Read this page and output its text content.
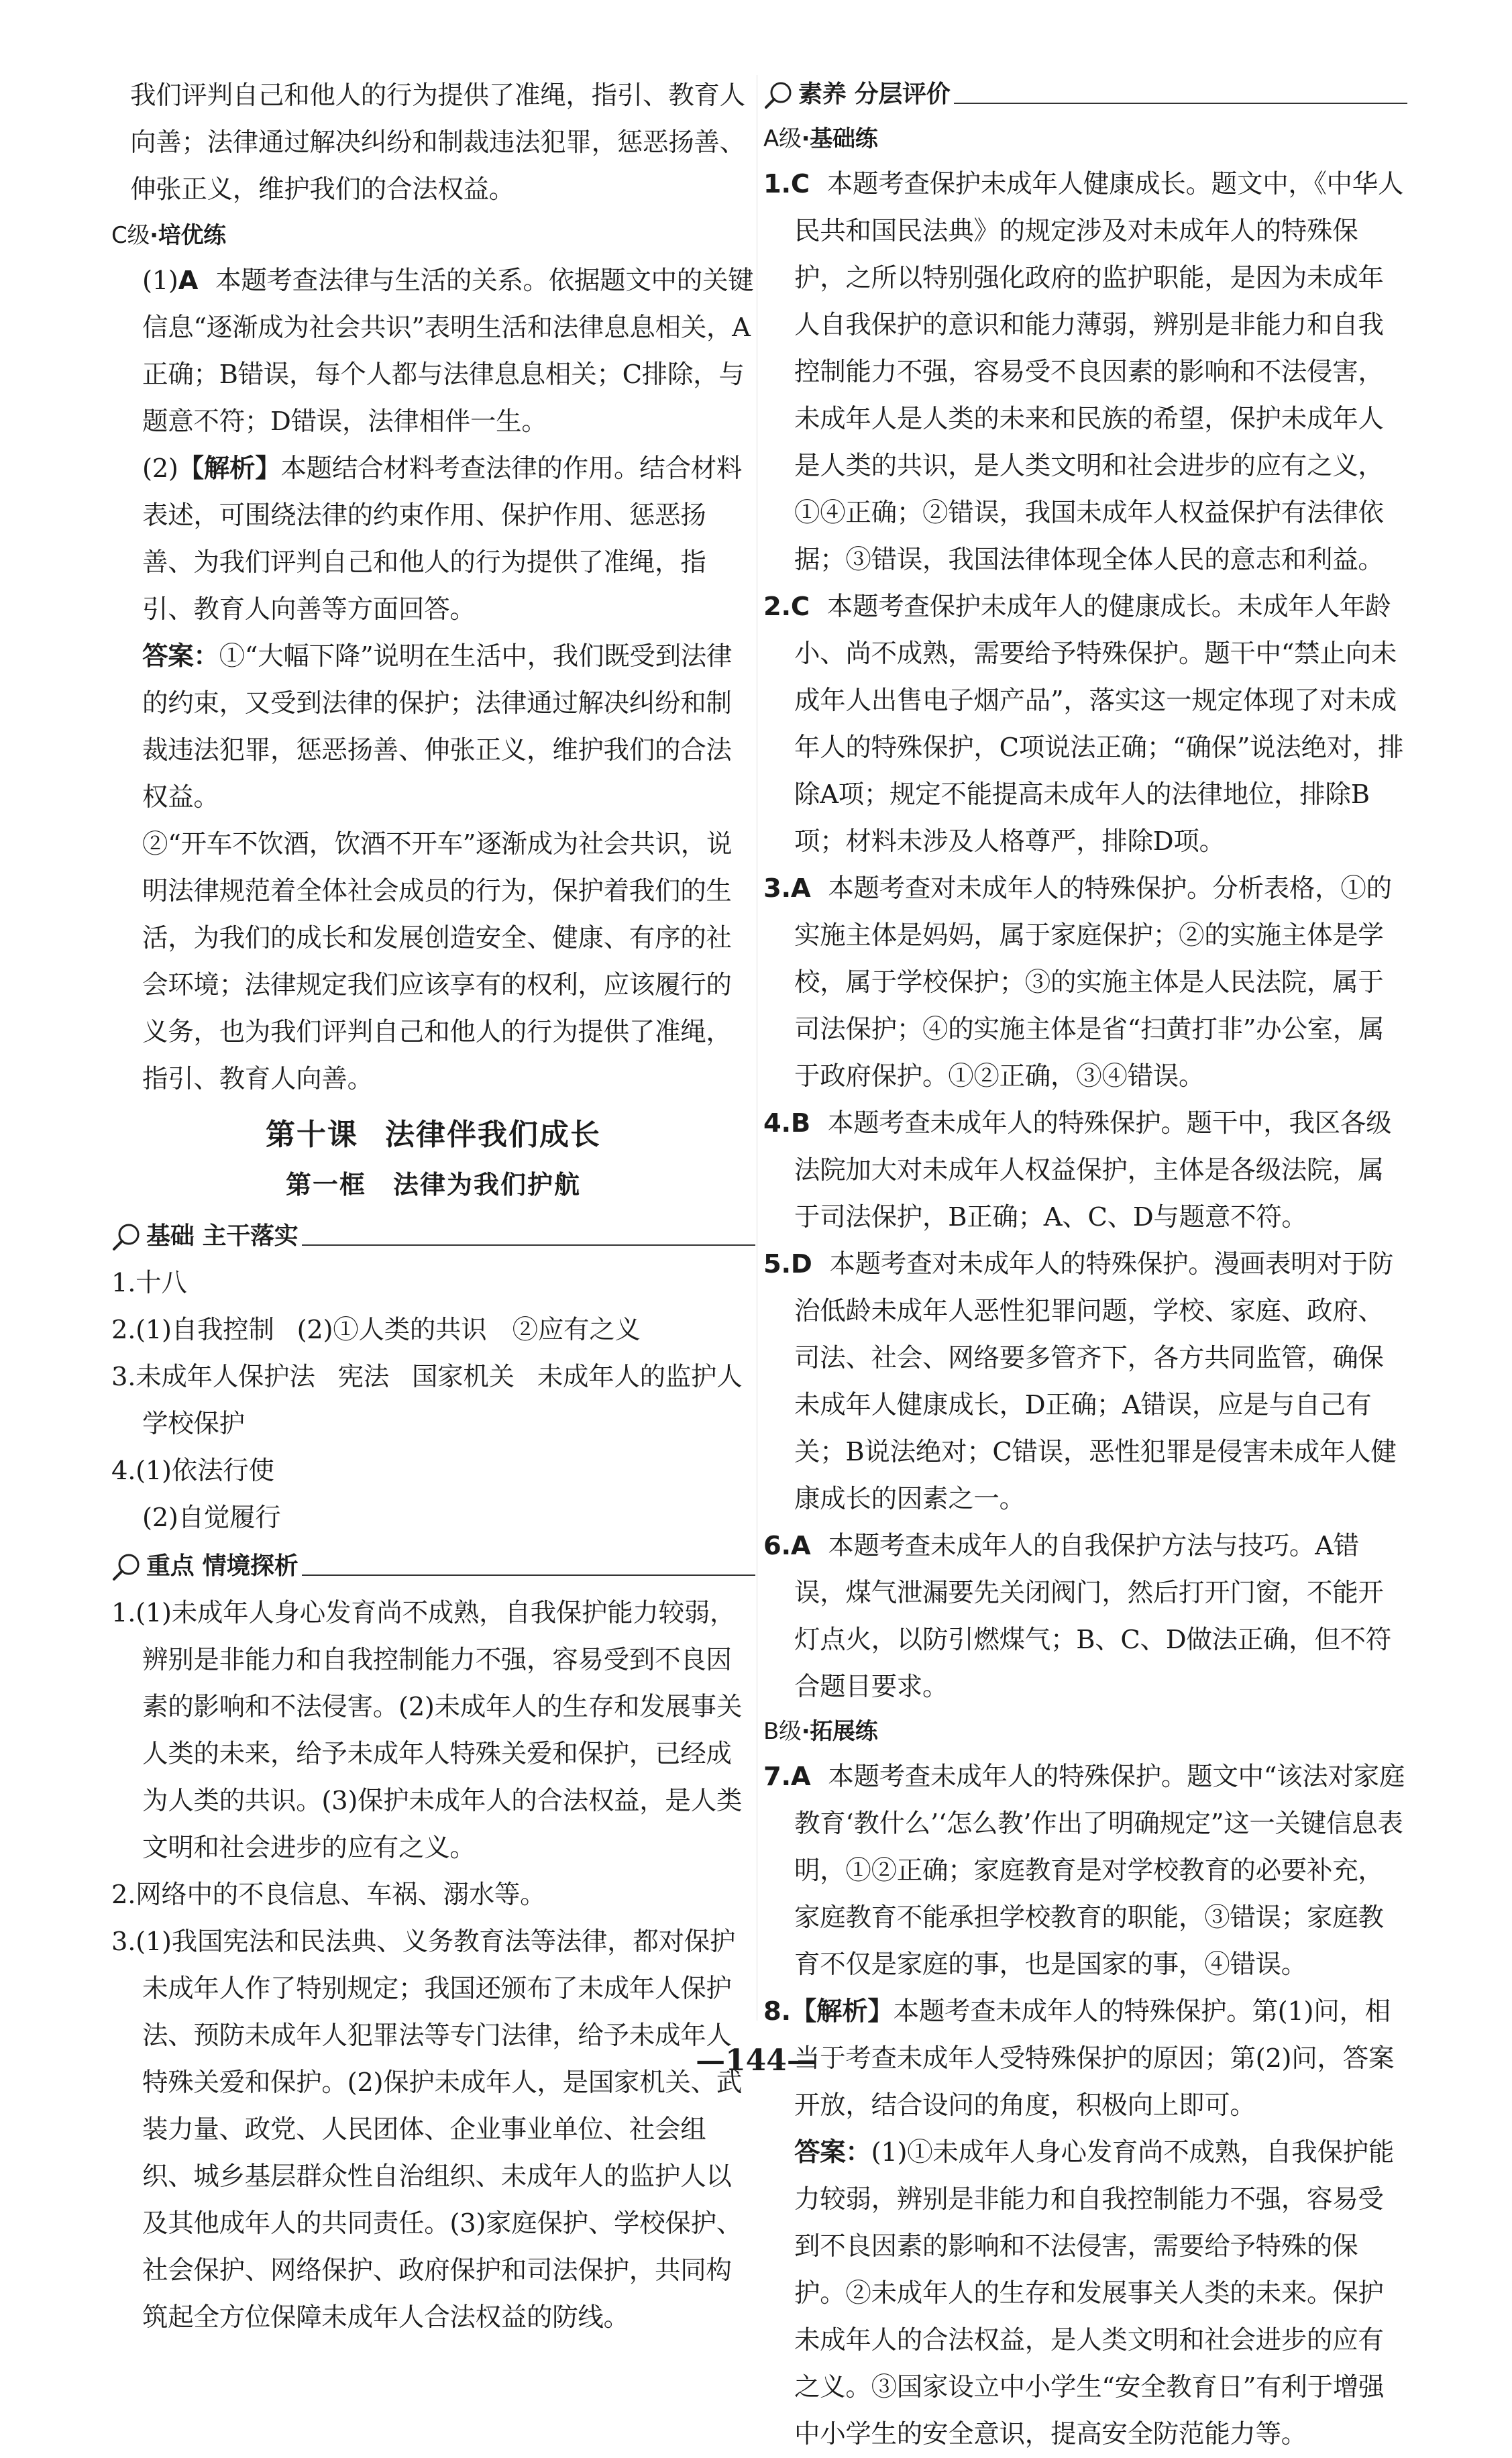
我们评判自己和他人的行为提供了准绳，指引、教育人向善；法律通过解决纠纷和制裁违法犯罪，惩恶扬善、伸张正义，维护我们的合法权益。

C级·培优练

(1)A 本题考查法律与生活的关系。依据题文中的关键信息“逐渐成为社会共识”表明生活和法律息息相关，A正确；B错误，每个人都与法律息息相关；C排除，与题意不符；D错误，法律相伴一生。

(2)【解析】本题结合材料考查法律的作用。结合材料表述，可围绕法律的约束作用、保护作用、惩恶扬善、为我们评判自己和他人的行为提供了准绳，指引、教育人向善等方面回答。

答案：①“大幅下降”说明在生活中，我们既受到法律的约束，又受到法律的保护；法律通过解决纠纷和制裁违法犯罪，惩恶扬善、伸张正义，维护我们的合法权益。

②“开车不饮酒，饮酒不开车”逐渐成为社会共识，说明法律规范着全体社会成员的行为，保护着我们的生活，为我们的成长和发展创造安全、健康、有序的社会环境；法律规定我们应该享有的权利，应该履行的义务，也为我们评判自己和他人的行为提供了准绳，指引、教育人向善。

第十课 法律伴我们成长
第一框 法律为我们护航
基础 主干落实

1.十八

2.(1)自我控制 (2)①人类的共识　②应有之义

3.未成年人保护法 宪法 国家机关 未成年人的监护人

学校保护

4.(1)依法行使

(2)自觉履行

重点 情境探析

1.(1)未成年人身心发育尚不成熟，自我保护能力较弱，辨别是非能力和自我控制能力不强，容易受到不良因素的影响和不法侵害。(2)未成年人的生存和发展事关人类的未来，给予未成年人特殊关爱和保护，已经成为人类的共识。(3)保护未成年人的合法权益，是人类文明和社会进步的应有之义。

2.网络中的不良信息、车祸、溺水等。

3.(1)我国宪法和民法典、义务教育法等法律，都对保护未成年人作了特别规定；我国还颁布了未成年人保护法、预防未成年人犯罪法等专门法律，给予未成年人特殊关爱和保护。(2)保护未成年人，是国家机关、武装力量、政党、人民团体、企业事业单位、社会组织、城乡基层群众性自治组织、未成年人的监护人以及其他成年人的共同责任。(3)家庭保护、学校保护、社会保护、网络保护、政府保护和司法保护，共同构筑起全方位保障未成年人合法权益的防线。

素养 分层评价
A级·基础练

1.C 本题考查保护未成年人健康成长。题文中，《中华人民共和国民法典》的规定涉及对未成年人的特殊保护，之所以特别强化政府的监护职能，是因为未成年人自我保护的意识和能力薄弱，辨别是非能力和自我控制能力不强，容易受不良因素的影响和不法侵害，未成年人是人类的未来和民族的希望，保护未成年人是人类的共识，是人类文明和社会进步的应有之义，①④正确；②错误，我国未成年人权益保护有法律依据；③错误，我国法律体现全体人民的意志和利益。

2.C 本题考查保护未成年人的健康成长。未成年人年龄小、尚不成熟，需要给予特殊保护。题干中“禁止向未成年人出售电子烟产品”，落实这一规定体现了对未成年人的特殊保护，C项说法正确；“确保”说法绝对，排除A项；规定不能提高未成年人的法律地位，排除B项；材料未涉及人格尊严，排除D项。

3.A 本题考查对未成年人的特殊保护。分析表格，①的实施主体是妈妈，属于家庭保护；②的实施主体是学校，属于学校保护；③的实施主体是人民法院，属于司法保护；④的实施主体是省“扫黄打非”办公室，属于政府保护。①②正确，③④错误。

4.B 本题考查未成年人的特殊保护。题干中，我区各级法院加大对未成年人权益保护，主体是各级法院，属于司法保护，B正确；A、C、D与题意不符。

5.D 本题考查对未成年人的特殊保护。漫画表明对于防治低龄未成年人恶性犯罪问题，学校、家庭、政府、司法、社会、网络要多管齐下，各方共同监管，确保未成年人健康成长，D正确；A错误，应是与自己有关；B说法绝对；C错误，恶性犯罪是侵害未成年人健康成长的因素之一。

6.A 本题考查未成年人的自我保护方法与技巧。A错误，煤气泄漏要先关闭阀门，然后打开门窗，不能开灯点火，以防引燃煤气；B、C、D做法正确，但不符合题目要求。

B级·拓展练

7.A 本题考查未成年人的特殊保护。题文中“该法对家庭教育‘教什么’‘怎么教’作出了明确规定”这一关键信息表明，①②正确；家庭教育是对学校教育的必要补充，家庭教育不能承担学校教育的职能，③错误；家庭教育不仅是家庭的事，也是国家的事，④错误。

8.【解析】本题考查未成年人的特殊保护。第(1)问，相当于考查未成年人受特殊保护的原因；第(2)问，答案开放，结合设问的角度，积极向上即可。

答案：(1)①未成年人身心发育尚不成熟，自我保护能力较弱，辨别是非能力和自我控制能力不强，容易受到不良因素的影响和不法侵害，需要给予特殊的保护。②未成年人的生存和发展事关人类的未来。保护未成年人的合法权益，是人类文明和社会进步的应有之义。③国家设立中小学生“安全教育日”有利于增强中小学生的安全意识，提高安全防范能力等。

—144—
